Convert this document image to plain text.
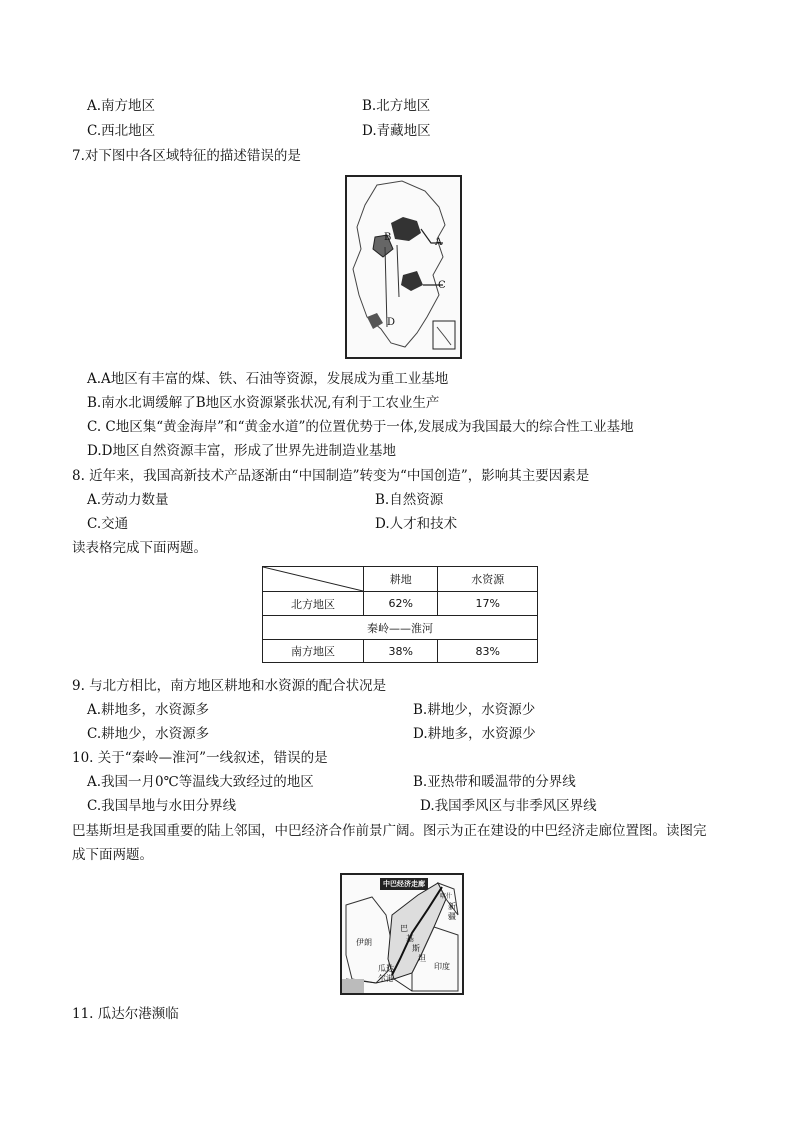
A.南方地区	B.北方地区
C.西北地区	D.青藏地区
7.对下图中各区域特征的描述错误的是
B	A
C
D
A.A地区有丰富的煤、铁、石油等资源，发展成为重工业基地
B.南水北调缓解了B地区水资源紧张状况,有利于工农业生产
C. C地区集“黄金海岸”和“黄金水道”的位置优势于一体,发展成为我国最大的综合性工业基地
D.D地区自然资源丰富，形成了世界先进制造业基地
8. 近年来，我国高新技术产品逐渐由“中国制造”转变为“中国创造”，影响其主要因素是
A.劳动力数量	B.自然资源
C.交通	D.人才和技术
读表格完成下面两题。
	耕地	水资源
北方地区	62%	17%
秦岭——淮河		
南方地区	38%	83%
9. 与北方相比，南方地区耕地和水资源的配合状况是
A.耕地多，水资源多	B.耕地少，水资源少
C.耕地少，水资源多	D.耕地多，水资源少
10. 关于“秦岭—淮河”一线叙述，错误的是
A.我国一月0℃等温线大致经过的地区	B.亚热带和暖温带的分界线
C.我国旱地与水田分界线	D.我国季风区与非季风区界线
巴基斯坦是我国重要的陆上邻国，中巴经济合作前景广阔。图示为正在建设的中巴经济走廊位置图。读图完
成下面两题。
中巴经济走廊
伊朗
巴
基
斯
坦
印度
瓜达
尔港
新
疆
喀什
11. 瓜达尔港濒临
